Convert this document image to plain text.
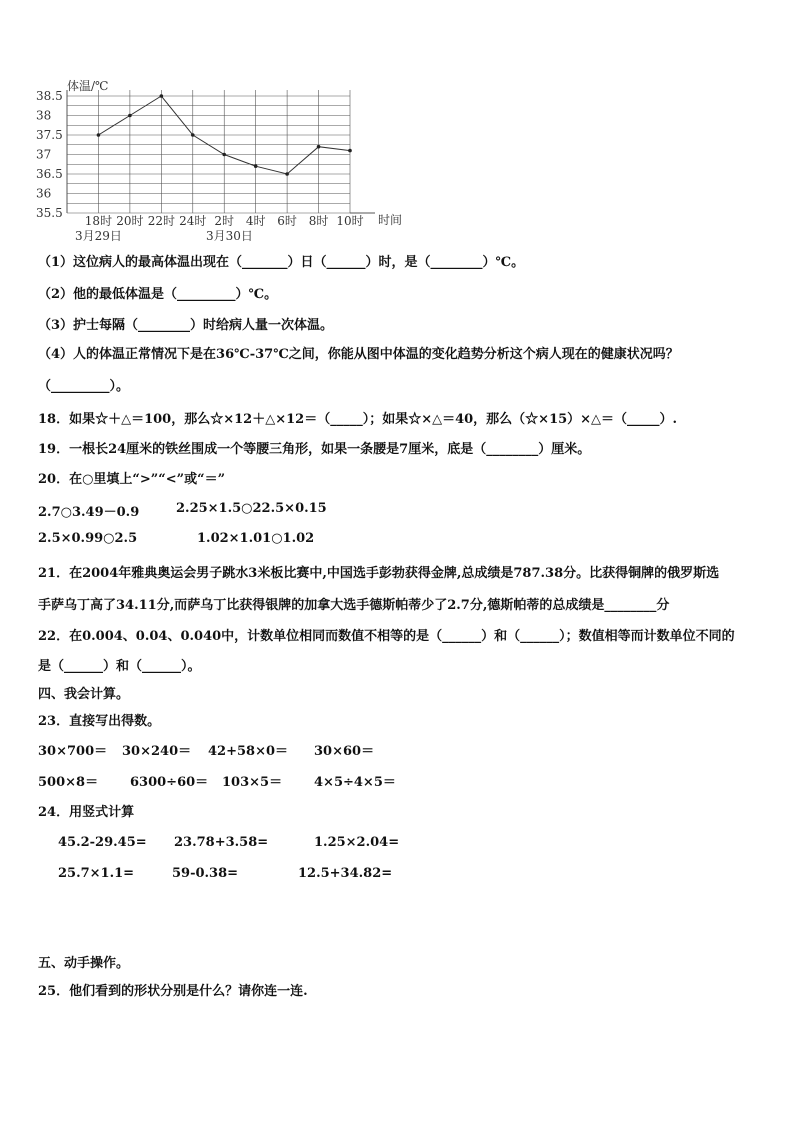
35.5
36
36.5
37
37.5
38
38.5
18时 20时 22时 24时 2时 4时 6时 8时 10时
体温/℃
时间
3月29日	3月30日
（1）这位病人的最高体温出现在（_______）日（______）时，是（________）℃。
（2）他的最低体温是（_________）℃。
（3）护士每隔（________）时给病人量一次体温。
（4）人的体温正常情况下是在36℃-37℃之间，你能从图中体温的变化趋势分析这个病人现在的健康状况吗？
（_________）。
18．如果☆＋△＝100，那么☆×12＋△×12＝（_____）；如果☆×△＝40，那么（☆×15）×△＝（_____）.
19．一根长24厘米的铁丝围成一个等腰三角形，如果一条腰是7厘米，底是（________）厘米。
20．在○里填上“>”“<”或“＝”
2.7○3.49－0.9	2.25×1.5○22.5×0.15
2.5×0.99○2.5	1.02×1.01○1.02
21．在2004年雅典奥运会男子跳水3米板比赛中,中国选手彭勃获得金牌,总成绩是787.38分。比获得铜牌的俄罗斯选
手萨乌丁高了34.11分,而萨乌丁比获得银牌的加拿大选手德斯帕蒂少了2.7分,德斯帕蒂的总成绩是________分
22．在0.004、0.04、0.040中，计数单位相同而数值不相等的是（______）和（______）；数值相等而计数单位不同的
是（______）和（______）。
四、我会计算。
23．直接写出得数。
30×700＝ 30×240＝ 42+58×0＝ 30×60＝
500×8＝ 6300÷60＝ 103×5＝ 4×5÷4×5＝
24．用竖式计算
45.2-29.45= 23.78+3.58=	1.25×2.04=
25.7×1.1=	59-0.38=	12.5+34.82=
五、动手操作。
25．他们看到的形状分别是什么？请你连一连.
